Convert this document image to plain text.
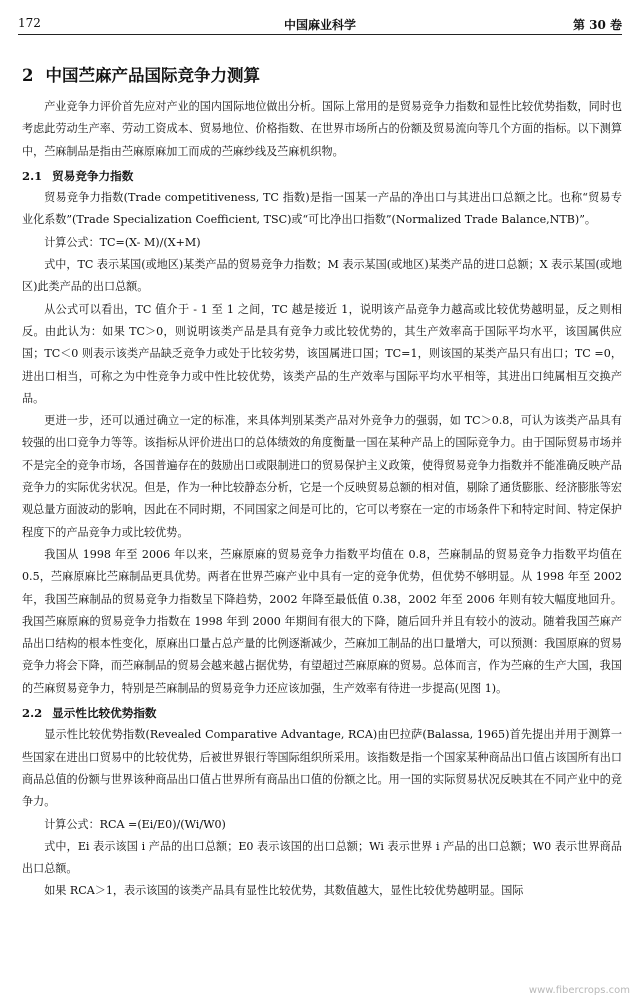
172	中国麻业科学	第 30 卷
2 中国苎麻产品国际竞争力测算

产业竞争力评价首先应对产业的国内国际地位做出分析。国际上常用的是贸易竞争力指数和显性比较优势指数，同时也考虑此劳动生产率、劳动工资成本、贸易地位、价格指数、在世界市场所占的份额及贸易流向等几个方面的指标。以下测算中，苎麻制品是指由苎麻原麻加工而成的苎麻纱线及苎麻机织物。

2.1 贸易竞争力指数

贸易竞争力指数(Trade competitiveness, TC 指数)是指一国某一产品的净出口与其进出口总额之比。也称“贸易专业化系数”(Trade Specialization Coefficient, TSC)或“可比净出口指数”(Normalized Trade Balance,NTB)”。

计算公式：TC=(X- M)/(X+M)

式中，TC 表示某国(或地区)某类产品的贸易竞争力指数；M 表示某国(或地区)某类产品的进口总额；X 表示某国(或地区)此类产品的出口总额。

从公式可以看出，TC 值介于 - 1 至 1 之间，TC 越是接近 1，说明该产品竞争力越高或比较优势越明显，反之则相反。由此认为：如果 TC＞0，则说明该类产品是具有竞争力或比较优势的，其生产效率高于国际平均水平，该国属供应国；TC＜0 则表示该类产品缺乏竞争力或处于比较劣势，该国属进口国；TC=1，则该国的某类产品只有出口；TC =0，进出口相当，可称之为中性竞争力或中性比较优势，该类产品的生产效率与国际平均水平相等，其进出口纯属相互交换产品。

更进一步，还可以通过确立一定的标准，来具体判别某类产品对外竞争力的强弱，如 TC＞0.8，可认为该类产品具有较强的出口竞争力等等。该指标从评价进出口的总体绩效的角度衡量一国在某种产品上的国际竞争力。由于国际贸易市场并不是完全的竞争市场，各国普遍存在的鼓励出口或限制进口的贸易保护主义政策，使得贸易竞争力指数并不能准确反映产品竞争力的实际优劣状况。但是，作为一种比较静态分析，它是一个反映贸易总额的相对值，剔除了通货膨胀、经济膨胀等宏观总量方面波动的影响，因此在不同时期，不同国家之间是可比的，它可以考察在一定的市场条件下和特定时间、特定保护程度下的产品竞争力或比较优势。

我国从 1998 年至 2006 年以来，苎麻原麻的贸易竞争力指数平均值在 0.8，苎麻制品的贸易竞争力指数平均值在 0.5，苎麻原麻比苎麻制品更具优势。两者在世界苎麻产业中具有一定的竞争优势，但优势不够明显。从 1998 年至 2002 年，我国苎麻制品的贸易竞争力指数呈下降趋势，2002 年降至最低值 0.38，2002 年至 2006 年则有较大幅度地回升。我国苎麻原麻的贸易竞争力指数在 1998 年到 2000 年期间有很大的下降，随后回升并且有较小的波动。随着我国苎麻产品出口结构的根本性变化，原麻出口量占总产量的比例逐渐减少，苎麻加工制品的出口量增大，可以预测：我国原麻的贸易竞争力将会下降，而苎麻制品的贸易会越来越占据优势，有望超过苎麻原麻的贸易。总体而言，作为苎麻的生产大国，我国的苎麻贸易竞争力，特别是苎麻制品的贸易竞争力还应该加强，生产效率有待进一步提高(见图 1)。

2.2 显示性比较优势指数

显示性比较优势指数(Revealed Comparative Advantage, RCA)由巴拉萨(Balassa, 1965)首先提出并用于测算一些国家在进出口贸易中的比较优势，后被世界银行等国际组织所采用。该指数是指一个国家某种商品出口值占该国所有出口商品总值的份额与世界该种商品出口值占世界所有商品出口值的份额之比。用一国的实际贸易状况反映其在不同产业中的竞争力。

计算公式：RCA =(Ei/E0)/(Wi/W0)

式中，Ei 表示该国 i 产品的出口总额；E0 表示该国的出口总额；Wi 表示世界 i 产品的出口总额；W0 表示世界商品出口总额。

如果 RCA＞1，表示该国的该类产品具有显性比较优势，其数值越大，显性比较优势越明显。国际

www.fibercrops.com
